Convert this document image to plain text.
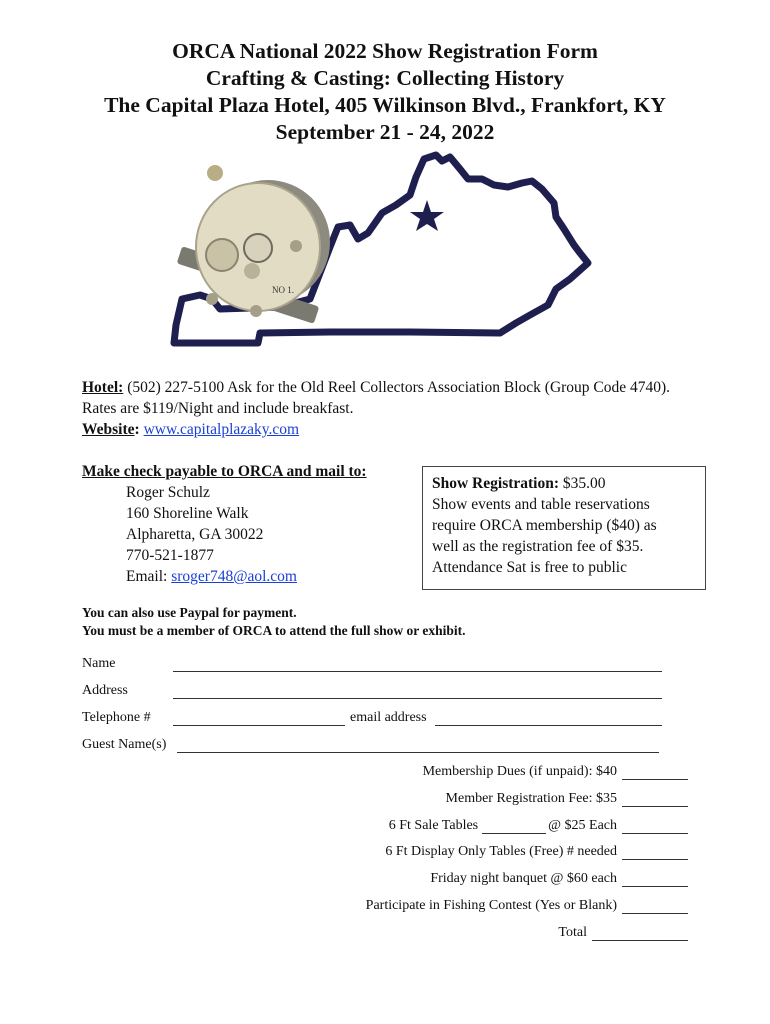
ORCA National 2022 Show Registration Form
Crafting & Casting: Collecting History
The Capital Plaza Hotel, 405 Wilkinson Blvd., Frankfort, KY
September 21 - 24, 2022
NO 1.
Hotel: (502) 227-5100 Ask for the Old Reel Collectors Association Block (Group Code 4740). Rates are $119/Night and include breakfast.
Website: www.capitalplazaky.com
Make check payable to ORCA and mail to:
Roger Schulz
160 Shoreline Walk
Alpharetta, GA 30022
770-521-1877
Email: sroger748@aol.com
Show Registration: $35.00
Show events and table reservations
require ORCA membership ($40) as
well as the registration fee of $35.
Attendance Sat is free to public
You can also use Paypal for payment.
You must be a member of ORCA to attend the full show or exhibit.
Name
Address
Telephone #	email address
Guest Name(s)
Membership Dues (if unpaid): $40
Member Registration Fee: $35
6 Ft Sale Tables	@ $25 Each
6 Ft Display Only Tables (Free) # needed
Friday night banquet @ $60 each
Participate in Fishing Contest (Yes or Blank)
Total
